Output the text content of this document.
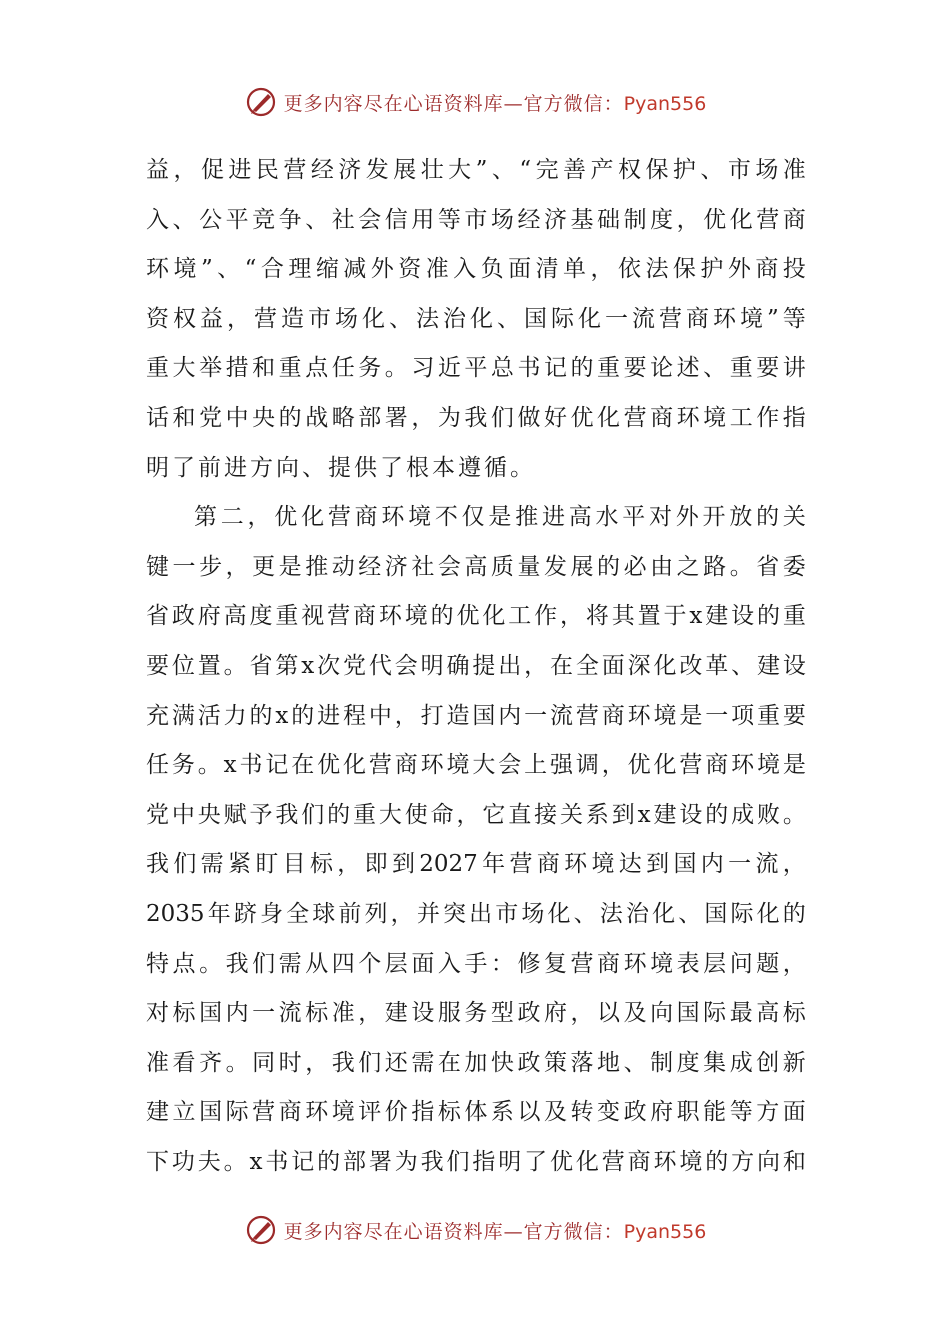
更多内容尽在心语资料库—官方微信：Pyan556
益 ， 促 进 民 营 经 济 发 展 壮 大 ” 、 “ 完 善 产 权 保 护 、 市 场 准
入 、 公 平 竞 争 、 社 会 信 用 等 市 场 经 济 基 础 制 度 ， 优 化 营 商
环 境 ” 、 “ 合 理 缩 减 外 资 准 入 负 面 清 单 ， 依 法 保 护 外 商 投
资 权 益 ， 营 造 市 场 化 、 法 治 化 、 国 际 化 一 流 营 商 环 境 ” 等
重 大 举 措 和 重 点 任 务 。 习 近 平 总 书 记 的 重 要 论 述 、 重 要 讲
话 和 党 中 央 的 战 略 部 署 ， 为 我 们 做 好 优 化 营 商 环 境 工 作 指
明了前进方向、提供了根本遵循。
第 二 ， 优 化 营 商 环 境 不 仅 是 推 进 高 水 平 对 外 开 放 的 关
键 一 步 ， 更 是 推 动 经 济 社 会 高 质 量 发 展 的 必 由 之 路 。 省 委
省 政 府 高 度 重 视 营 商 环 境 的 优 化 工 作 ， 将 其 置 于 x 建 设 的 重
要 位 置 。 省 第 x 次 党 代 会 明 确 提 出 ， 在 全 面 深 化 改 革 、 建 设
充 满 活 力 的 x 的 进 程 中 ， 打 造 国 内 一 流 营 商 环 境 是 一 项 重 要
任 务 。 x 书 记 在 优 化 营 商 环 境 大 会 上 强 调 ， 优 化 营 商 环 境 是
党 中 央 赋 予 我 们 的 重 大 使 命 ， 它 直 接 关 系 到 x 建 设 的 成 败 。
我 们 需 紧 盯 目 标 ， 即 到 2027 年 营 商 环 境 达 到 国 内 一 流 ，
2035 年 跻 身 全 球 前 列 ， 并 突 出 市 场 化 、 法 治 化 、 国 际 化 的
特 点 。 我 们 需 从 四 个 层 面 入 手 ： 修 复 营 商 环 境 表 层 问 题 ，
对 标 国 内 一 流 标 准 ， 建 设 服 务 型 政 府 ， 以 及 向 国 际 最 高 标
准 看 齐 。 同 时 ， 我 们 还 需 在 加 快 政 策 落 地 、 制 度 集 成 创 新
建 立 国 际 营 商 环 境 评 价 指 标 体 系 以 及 转 变 政 府 职 能 等 方 面
下 功 夫 。 x 书 记 的 部 署 为 我 们 指 明 了 优 化 营 商 环 境 的 方 向 和
更多内容尽在心语资料库—官方微信：Pyan556
